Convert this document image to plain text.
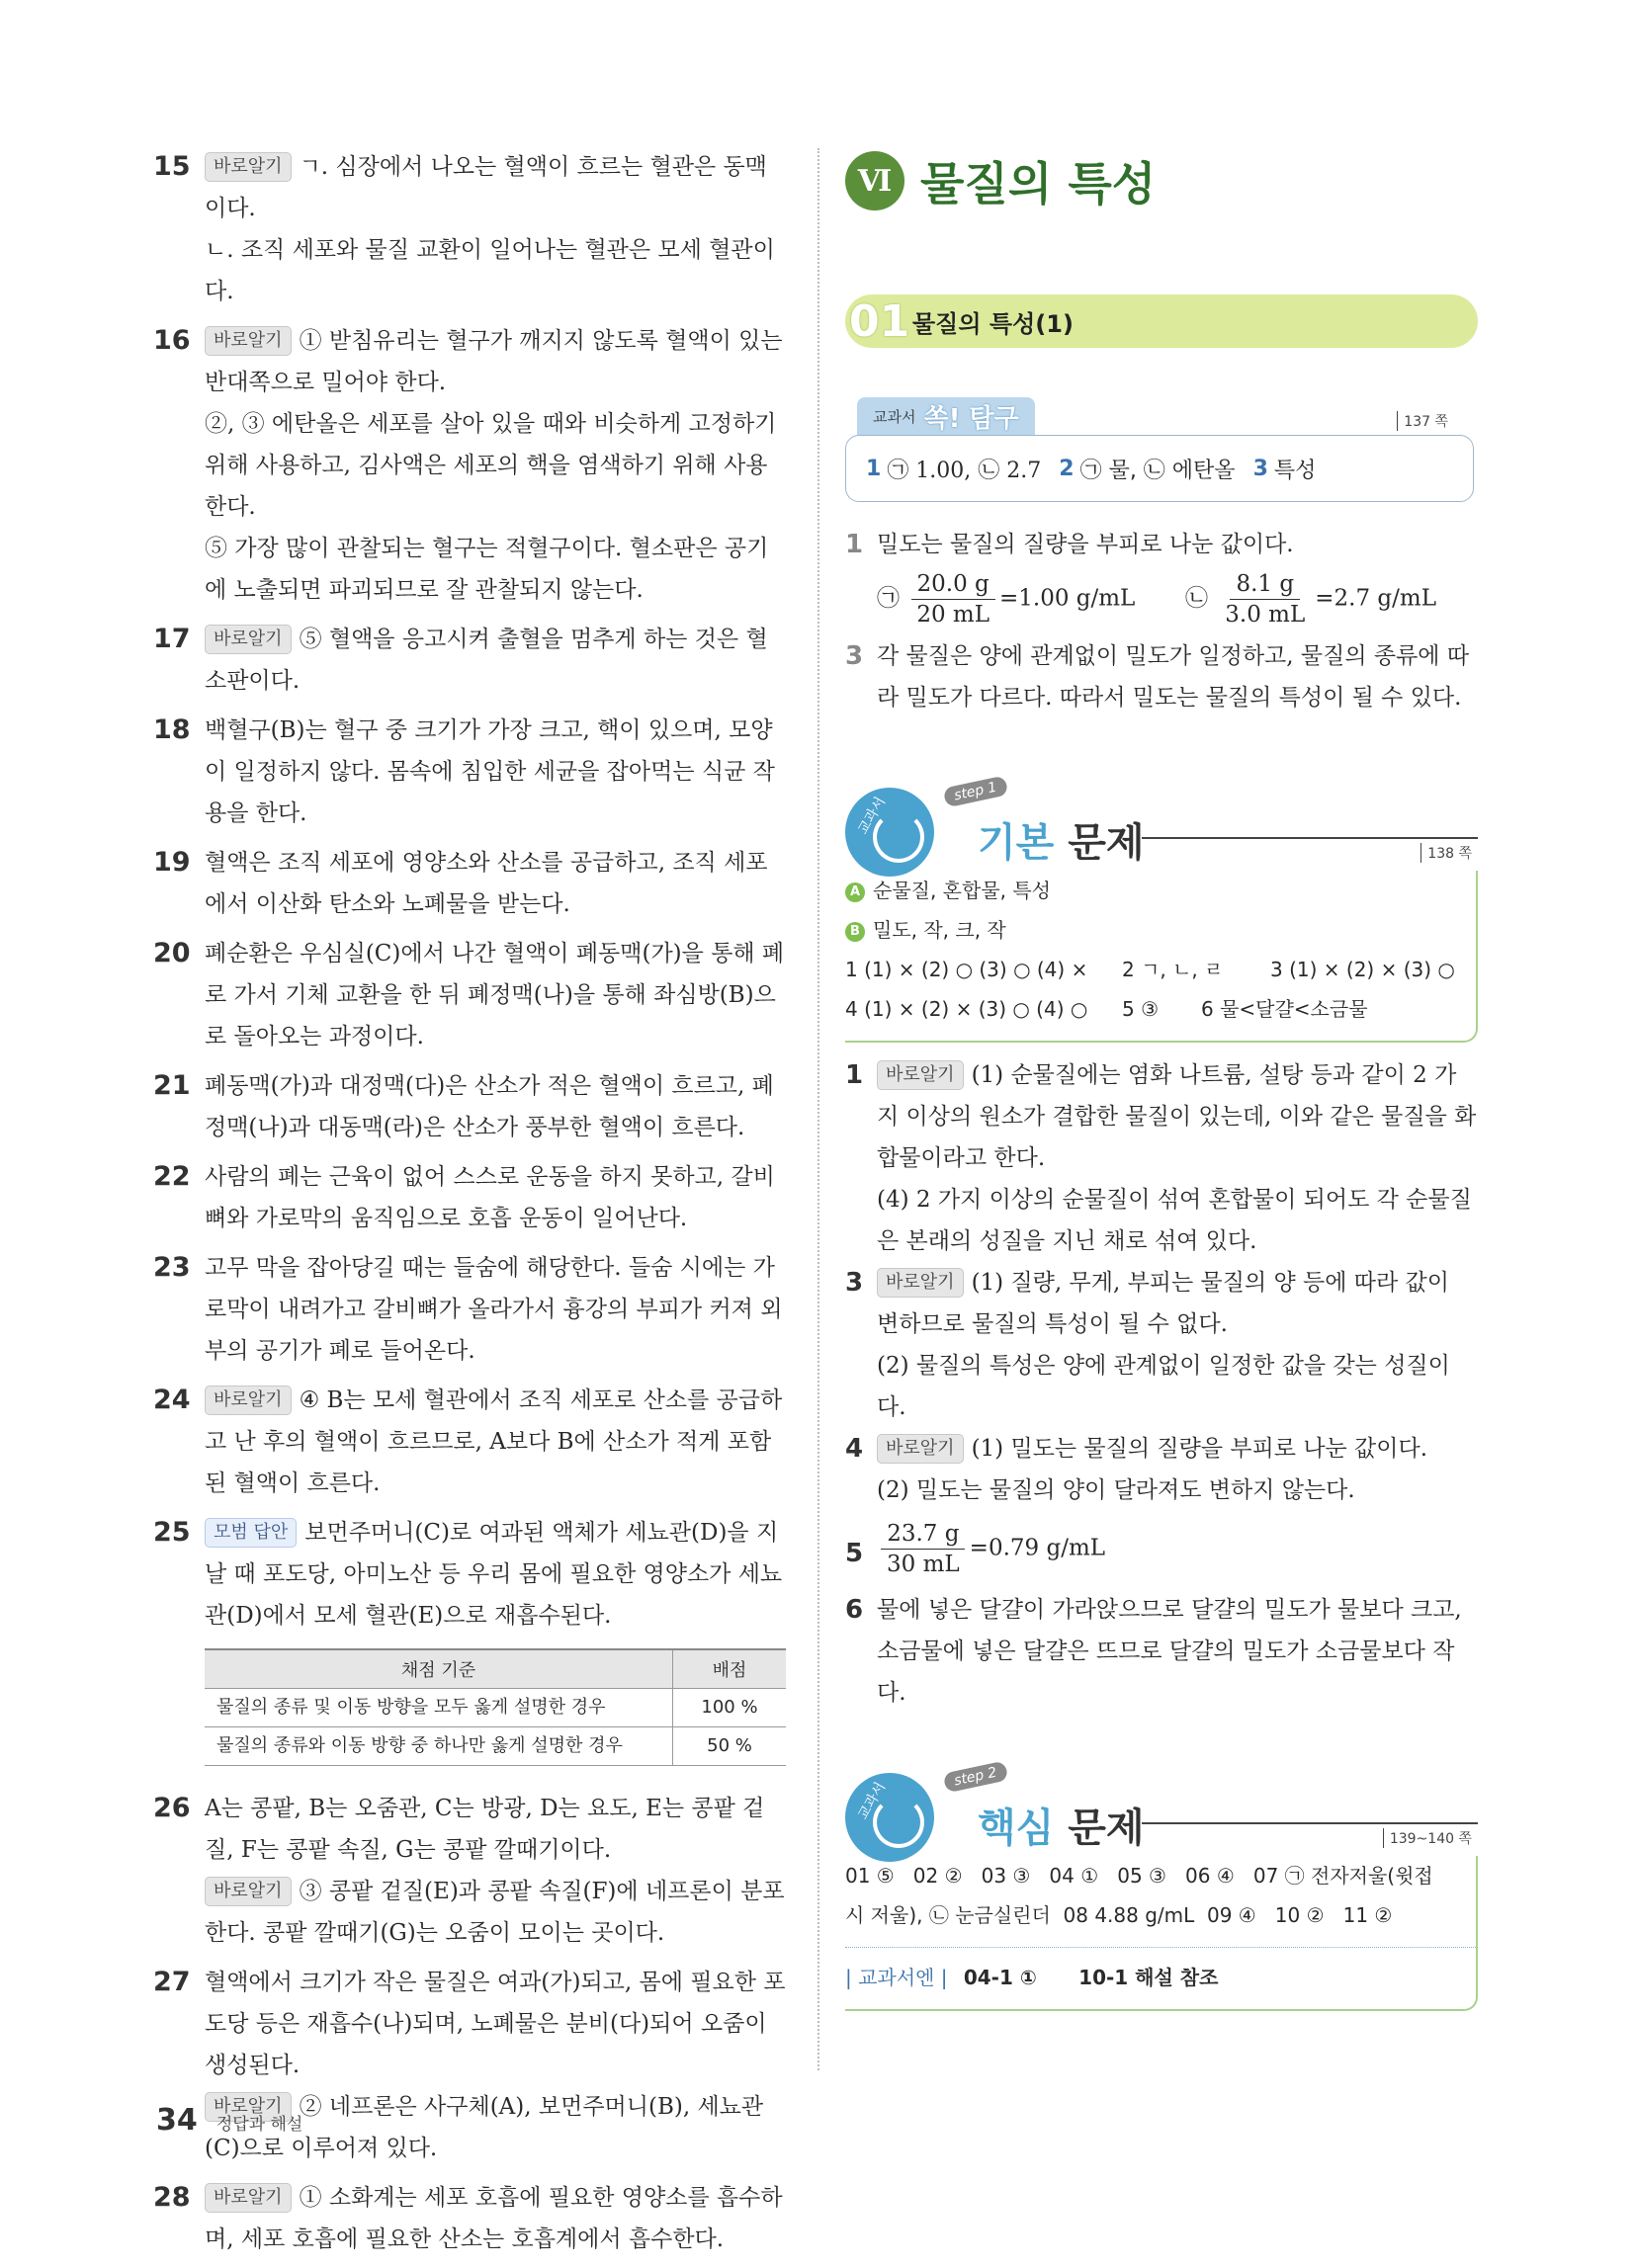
15	바로알기 ㄱ. 심장에서 나오는 혈액이 흐르는 혈관은 동맥이다.

ㄴ. 조직 세포와 물질 교환이 일어나는 혈관은 모세 혈관이다.

16	바로알기 ① 받침유리는 혈구가 깨지지 않도록 혈액이 있는 반대쪽으로 밀어야 한다.

②, ③ 에탄올은 세포를 살아 있을 때와 비슷하게 고정하기 위해 사용하고, 김사액은 세포의 핵을 염색하기 위해 사용한다.

⑤ 가장 많이 관찰되는 혈구는 적혈구이다. 혈소판은 공기에 노출되면 파괴되므로 잘 관찰되지 않는다.

17	바로알기 ⑤ 혈액을 응고시켜 출혈을 멈추게 하는 것은 혈소판이다.

18 백혈구(B)는 혈구 중 크기가 가장 크고, 핵이 있으며, 모양이 일정하지 않다. 몸속에 침입한 세균을 잡아먹는 식균 작용을 한다.

19 혈액은 조직 세포에 영양소와 산소를 공급하고, 조직 세포에서 이산화 탄소와 노폐물을 받는다.

20 폐순환은 우심실(C)에서 나간 혈액이 폐동맥(가)을 통해 폐로 가서 기체 교환을 한 뒤 폐정맥(나)을 통해 좌심방(B)으로 돌아오는 과정이다.

21 폐동맥(가)과 대정맥(다)은 산소가 적은 혈액이 흐르고, 폐정맥(나)과 대동맥(라)은 산소가 풍부한 혈액이 흐른다.

22 사람의 폐는 근육이 없어 스스로 운동을 하지 못하고, 갈비뼈와 가로막의 움직임으로 호흡 운동이 일어난다.

23 고무 막을 잡아당길 때는 들숨에 해당한다. 들숨 시에는 가로막이 내려가고 갈비뼈가 올라가서 흉강의 부피가 커져 외부의 공기가 폐로 들어온다.

24	바로알기 ④ B는 모세 혈관에서 조직 세포로 산소를 공급하고 난 후의 혈액이 흐르므로, A보다 B에 산소가 적게 포함된 혈액이 흐른다.

25	모범 답안 보먼주머니(C)로 여과된 액체가 세뇨관(D)을 지날 때 포도당, 아미노산 등 우리 몸에 필요한 영양소가 세뇨관(D)에서 모세 혈관(E)으로 재흡수된다.

채점 기준	배점
물질의 종류 및 이동 방향을 모두 옳게 설명한 경우	100 %
물질의 종류와 이동 방향 중 하나만 옳게 설명한 경우	50 %
26 A는 콩팥, B는 오줌관, C는 방광, D는 요도, E는 콩팥 겉질, F는 콩팥 속질, G는 콩팥 깔때기이다.

바로알기 ③ 콩팥 겉질(E)과 콩팥 속질(F)에 네프론이 분포한다. 콩팥 깔때기(G)는 오줌이 모이는 곳이다.

27 혈액에서 크기가 작은 물질은 여과(가)되고, 몸에 필요한 포도당 등은 재흡수(나)되며, 노폐물은 분비(다)되어 오줌이 생성된다.

바로알기 ② 네프론은 사구체(A), 보먼주머니(B), 세뇨관(C)으로 이루어져 있다.

28	바로알기 ① 소화계는 세포 호흡에 필요한 영양소를 흡수하며, 세포 호흡에 필요한 산소는 호흡계에서 흡수한다.

Ⅵ 물질의 특성
01 물질의 특성(1)
교과서 쏙! 탐구	137 쪽
1 ㉠ 1.00, ㉡ 2.7 2 ㉠ 물, ㉡ 에탄올 3 특성
1 밀도는 물질의 질량을 부피로 나눈 값이다.

㉠ $\frac{20.0 g}{20 mL} =1.00$ g/mL ㉡ $\frac{8.1 g}{3.0 mL} =2.7$ g/mL

3 각 물질은 양에 관계없이 밀도가 일정하고, 물질의 종류에 따라 밀도가 다르다. 따라서 밀도는 물질의 특성이 될 수 있다.

교과서
step 1
기본 문제	138 쪽
A 순물질, 혼합물, 특성
B 밀도, 작, 크, 작
1 (1) × (2) ○ (3) ○ (4) × 2 ㄱ, ㄴ, ㄹ 3 (1) × (2) × (3) ○
4 (1) × (2) × (3) ○ (4) ○ 5 ③ 6 물<달걀<소금물
1	바로알기 (1) 순물질에는 염화 나트륨, 설탕 등과 같이 2 가지 이상의 원소가 결합한 물질이 있는데, 이와 같은 물질을 화합물이라고 한다.

(4) 2 가지 이상의 순물질이 섞여 혼합물이 되어도 각 순물질은 본래의 성질을 지닌 채로 섞여 있다.

3	바로알기 (1) 질량, 무게, 부피는 물질의 양 등에 따라 값이 변하므로 물질의 특성이 될 수 없다.

(2) 물질의 특성은 양에 관계없이 일정한 값을 갖는 성질이다.

4	바로알기 (1) 밀도는 물질의 질량을 부피로 나눈 값이다.

(2) 밀도는 물질의 양이 달라져도 변하지 않는다.

$5 \frac{23.7 g}{30 mL} =0.79$ g/mL

6 물에 넣은 달걀이 가라앉으므로 달걀의 밀도가 물보다 크고, 소금물에 넣은 달걀은 뜨므로 달걀의 밀도가 소금물보다 작다.

교과서
step 2
핵심 문제	139~140 쪽
01 ⑤   02 ②   03 ③   04 ①   05 ③   06 ④   07 ㉠ 전자저울(윗접
시 저울), ㉡ 눈금실린더  08 4.88 g/mL  09 ④   10 ②   11 ②
| 교과서엔 | 04-1 ① 10-1 해설 참조
34 정답과 해설
